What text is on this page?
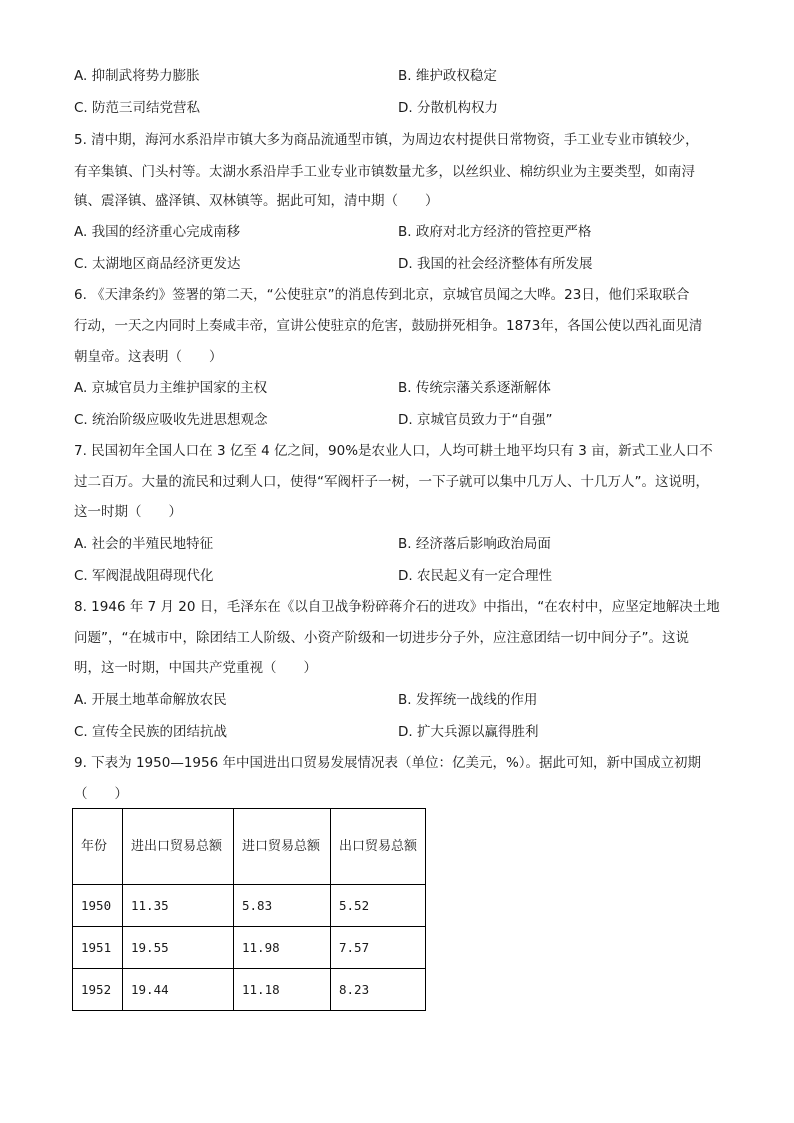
A. 抑制武将势力膨胀	B. 维护政权稳定
C. 防范三司结党营私	D. 分散机构权力
5. 清中期，海河水系沿岸市镇大多为商品流通型市镇，为周边农村提供日常物资，手工业专业市镇较少，
有辛集镇、门头村等。太湖水系沿岸手工业专业市镇数量尤多，以丝织业、棉纺织业为主要类型，如南浔
镇、震泽镇、盛泽镇、双林镇等。据此可知，清中期（　　）
A. 我国的经济重心完成南移	B. 政府对北方经济的管控更严格
C. 太湖地区商品经济更发达	D. 我国的社会经济整体有所发展
6. 《天津条约》签署的第二天，“公使驻京”的消息传到北京，京城官员闻之大哗。23日，他们采取联合
行动，一天之内同时上奏咸丰帝，宣讲公使驻京的危害，鼓励拼死相争。1873年，各国公使以西礼面见清
朝皇帝。这表明（　　）
A. 京城官员力主维护国家的主权	B. 传统宗藩关系逐渐解体
C. 统治阶级应吸收先进思想观念	D. 京城官员致力于“自强”
7. 民国初年全国人口在 3 亿至 4 亿之间，90%是农业人口，人均可耕土地平均只有 3 亩，新式工业人口不
过二百万。大量的流民和过剩人口，使得“军阀杆子一树，一下子就可以集中几万人、十几万人”。这说明，
这一时期（　　）
A. 社会的半殖民地特征	B. 经济落后影响政治局面
C. 军阀混战阻碍现代化	D. 农民起义有一定合理性
8. 1946 年 7 月 20 日，毛泽东在《以自卫战争粉碎蒋介石的进攻》中指出，“在农村中，应坚定地解决土地
问题”，“在城市中，除团结工人阶级、小资产阶级和一切进步分子外，应注意团结一切中间分子”。这说
明，这一时期，中国共产党重视（　　）
A. 开展土地革命解放农民	B. 发挥统一战线的作用
C. 宣传全民族的团结抗战	D. 扩大兵源以赢得胜利
9. 下表为 1950—1956 年中国进出口贸易发展情况表（单位：亿美元，%）。据此可知，新中国成立初期
（　　）
年份	进出口贸易总额	进口贸易总额	出口贸易总额
1950	11.35	5.83	5.52
1951	19.55	11.98	7.57
1952	19.44	11.18	8.23
